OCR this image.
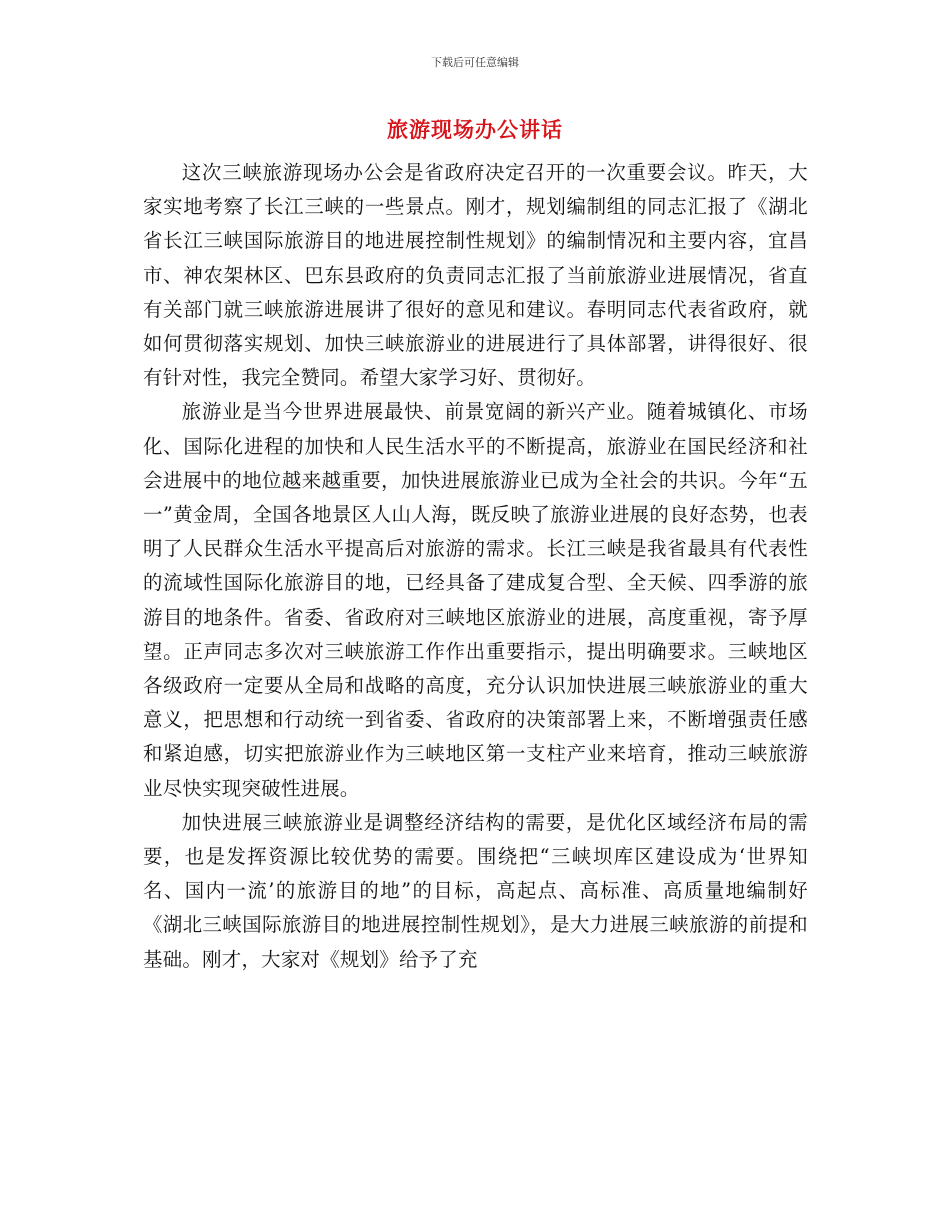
下载后可任意编辑
旅游现场办公讲话

这次三峡旅游现场办公会是省政府决定召开的一次重要会议。昨天，大家实地考察了长江三峡的一些景点。刚才，规划编制组的同志汇报了《湖北省长江三峡国际旅游目的地进展控制性规划》的编制情况和主要内容，宜昌市、神农架林区、巴东县政府的负责同志汇报了当前旅游业进展情况，省直有关部门就三峡旅游进展讲了很好的意见和建议。春明同志代表省政府，就如何贯彻落实规划、加快三峡旅游业的进展进行了具体部署，讲得很好、很有针对性，我完全赞同。希望大家学习好、贯彻好。

旅游业是当今世界进展最快、前景宽阔的新兴产业。随着城镇化、市场化、国际化进程的加快和人民生活水平的不断提高，旅游业在国民经济和社会进展中的地位越来越重要，加快进展旅游业已成为全社会的共识。今年“五一”黄金周，全国各地景区人山人海，既反映了旅游业进展的良好态势，也表明了人民群众生活水平提高后对旅游的需求。长江三峡是我省最具有代表性的流域性国际化旅游目的地，已经具备了建成复合型、全天候、四季游的旅游目的地条件。省委、省政府对三峡地区旅游业的进展，高度重视，寄予厚望。正声同志多次对三峡旅游工作作出重要指示，提出明确要求。三峡地区各级政府一定要从全局和战略的高度，充分认识加快进展三峡旅游业的重大意义，把思想和行动统一到省委、省政府的决策部署上来，不断增强责任感和紧迫感，切实把旅游业作为三峡地区第一支柱产业来培育，推动三峡旅游业尽快实现突破性进展。

加快进展三峡旅游业是调整经济结构的需要，是优化区域经济布局的需要，也是发挥资源比较优势的需要。围绕把“三峡坝库区建设成为‘世界知名、国内一流’的旅游目的地”的目标，高起点、高标准、高质量地编制好《湖北三峡国际旅游目的地进展控制性规划》，是大力进展三峡旅游的前提和基础。刚才，大家对《规划》给予了充
